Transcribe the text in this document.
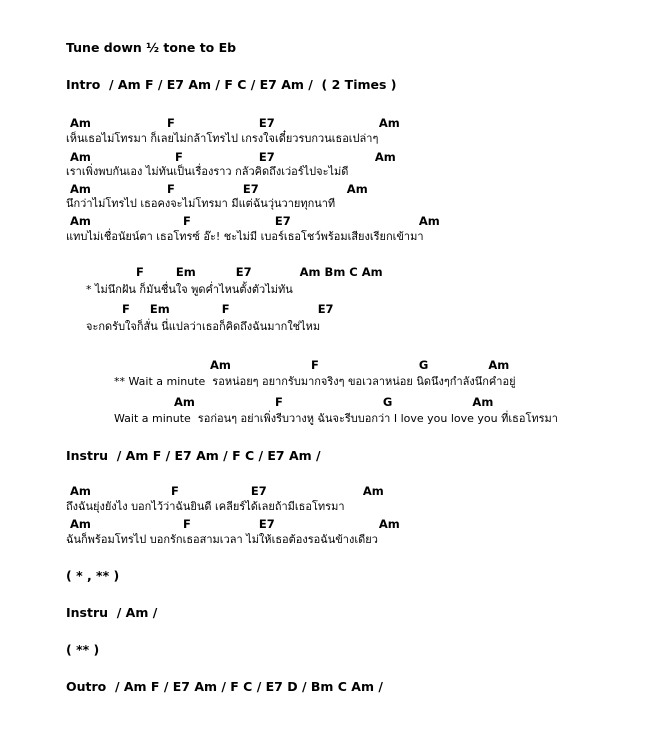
Tune down ½ tone to Eb
Intro  / Am F / E7 Am / F C / E7 Am /  ( 2 Times )
Am                   F                     E7                          Am
เห็นเธอไม่โทรมา ก็เลยไม่กล้าโทรไป เกรงใจเดี๋ยวรบกวนเธอเปล่าๆ
Am                     F                   E7                         Am
เราเพิ่งพบกันเอง ไม่ทันเป็นเรื่องราว กลัวคิดถึงเว่อร์ไปจะไม่ดี
Am                   F                 E7                      Am
นึกว่าไม่โทรไป เธอคงจะไม่โทรมา มีแต่ฉันวุ่นวายทุกนาที
Am                       F                     E7                                Am
แทบไม่เชื่อนัยน์ตา เธอโทรซ์ อ๊ะ! ชะไม่มี เบอร์เธอโชว์พร้อมเสียงเรียกเข้ามา
F        Em          E7            Am Bm C Am
* ไม่นึกฝัน ก็มันชื่นใจ พูดค่ำไหนตั้งตัวไม่ทัน
F     Em             F                      E7
จะกดรับใจก็สั่น นี่แปลว่าเธอก็คิดถึงฉันมากใช่ไหม
Am                    F                         G               Am
** Wait a minute  รอหน่อยๆ อยากรับมากจริงๆ ขอเวลาหน่อย นิดนึงๆกำลังนึกคำอยู่
Am                    F                         G                    Am
Wait a minute  รอก่อนๆ อย่าเพิ่งรีบวางหู ฉันจะรีบบอกว่า I love you love you ที่เธอโทรมา
Instru  / Am F / E7 Am / F C / E7 Am /
Am                    F                  E7                        Am
ถึงฉันยุ่งยังไง บอกไว้ว่าฉันยินดี เคลียร์ได้เลยถ้ามีเธอโทรมา
Am                       F                 E7                          Am
ฉันก็พร้อมโทรไป บอกรักเธอสามเวลา ไม่ให้เธอต้องรอฉันข้างเดียว
( * , ** )
Instru  / Am /
( ** )
Outro  / Am F / E7 Am / F C / E7 D / Bm C Am /
